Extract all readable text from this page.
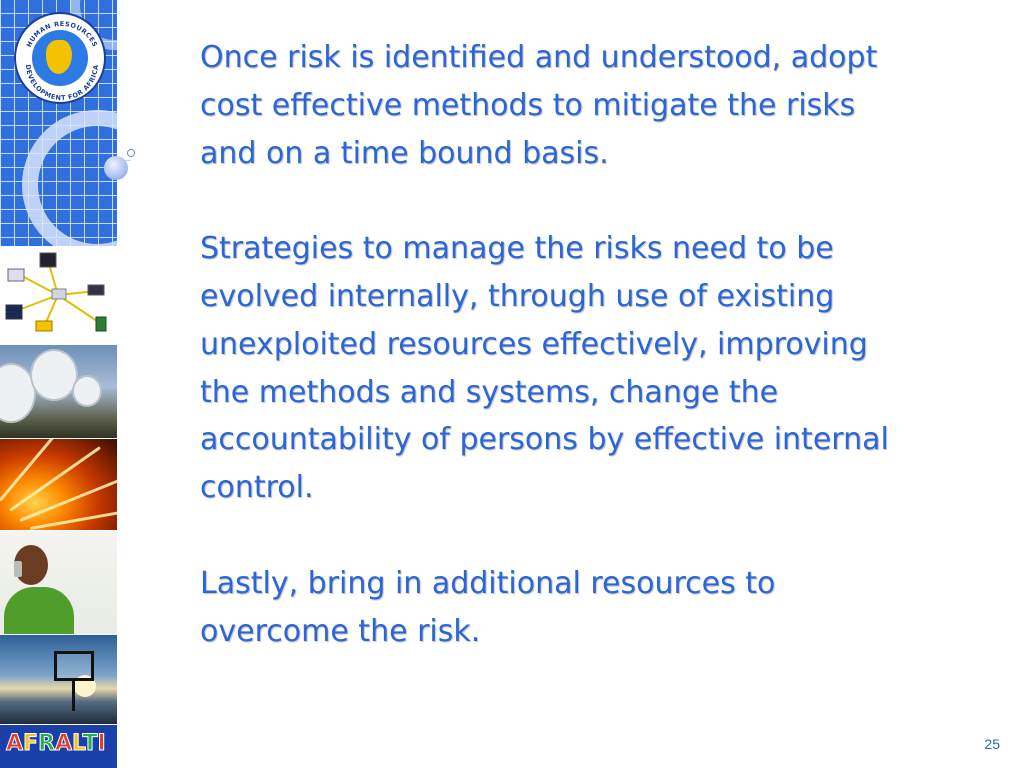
HUMAN RESOURCES
DEVELOPMENT FOR AFRICA
AFRALTI
Once risk is identified and understood, adopt
cost effective methods to mitigate the risks
and on a time bound basis.
Strategies to manage the risks need to be
evolved internally, through use of existing
unexploited resources effectively, improving
the methods and systems, change the
accountability of persons by effective internal
control.
Lastly, bring in additional resources to
overcome the risk.
25
